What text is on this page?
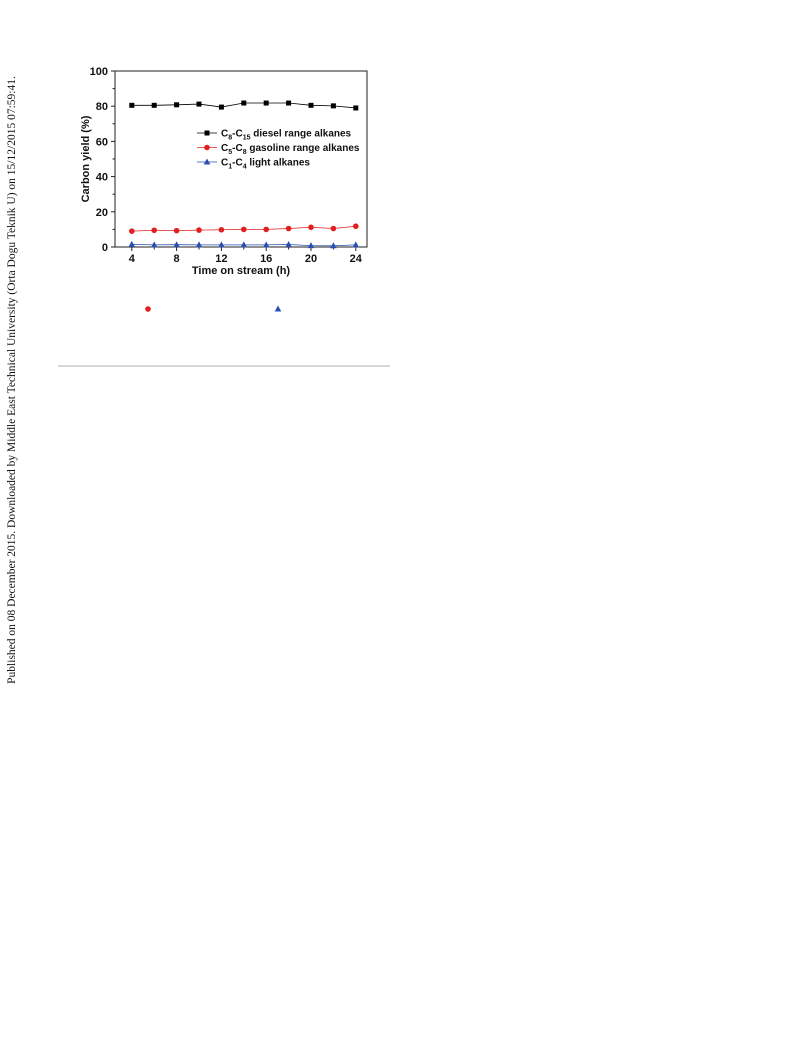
Published on 08 December 2015. Downloaded by Middle East Technical University (Orta Dogu Teknik U) on 15/12/2015 07:59:41.	4	8	12	16	20	24
0
20
40
60
80
100
Time on stream (h)
Carbon yield (%)	C8-C15 diesel range alkanes
C5-C8 gasoline range alkanes
C1-C4 light alkanes
